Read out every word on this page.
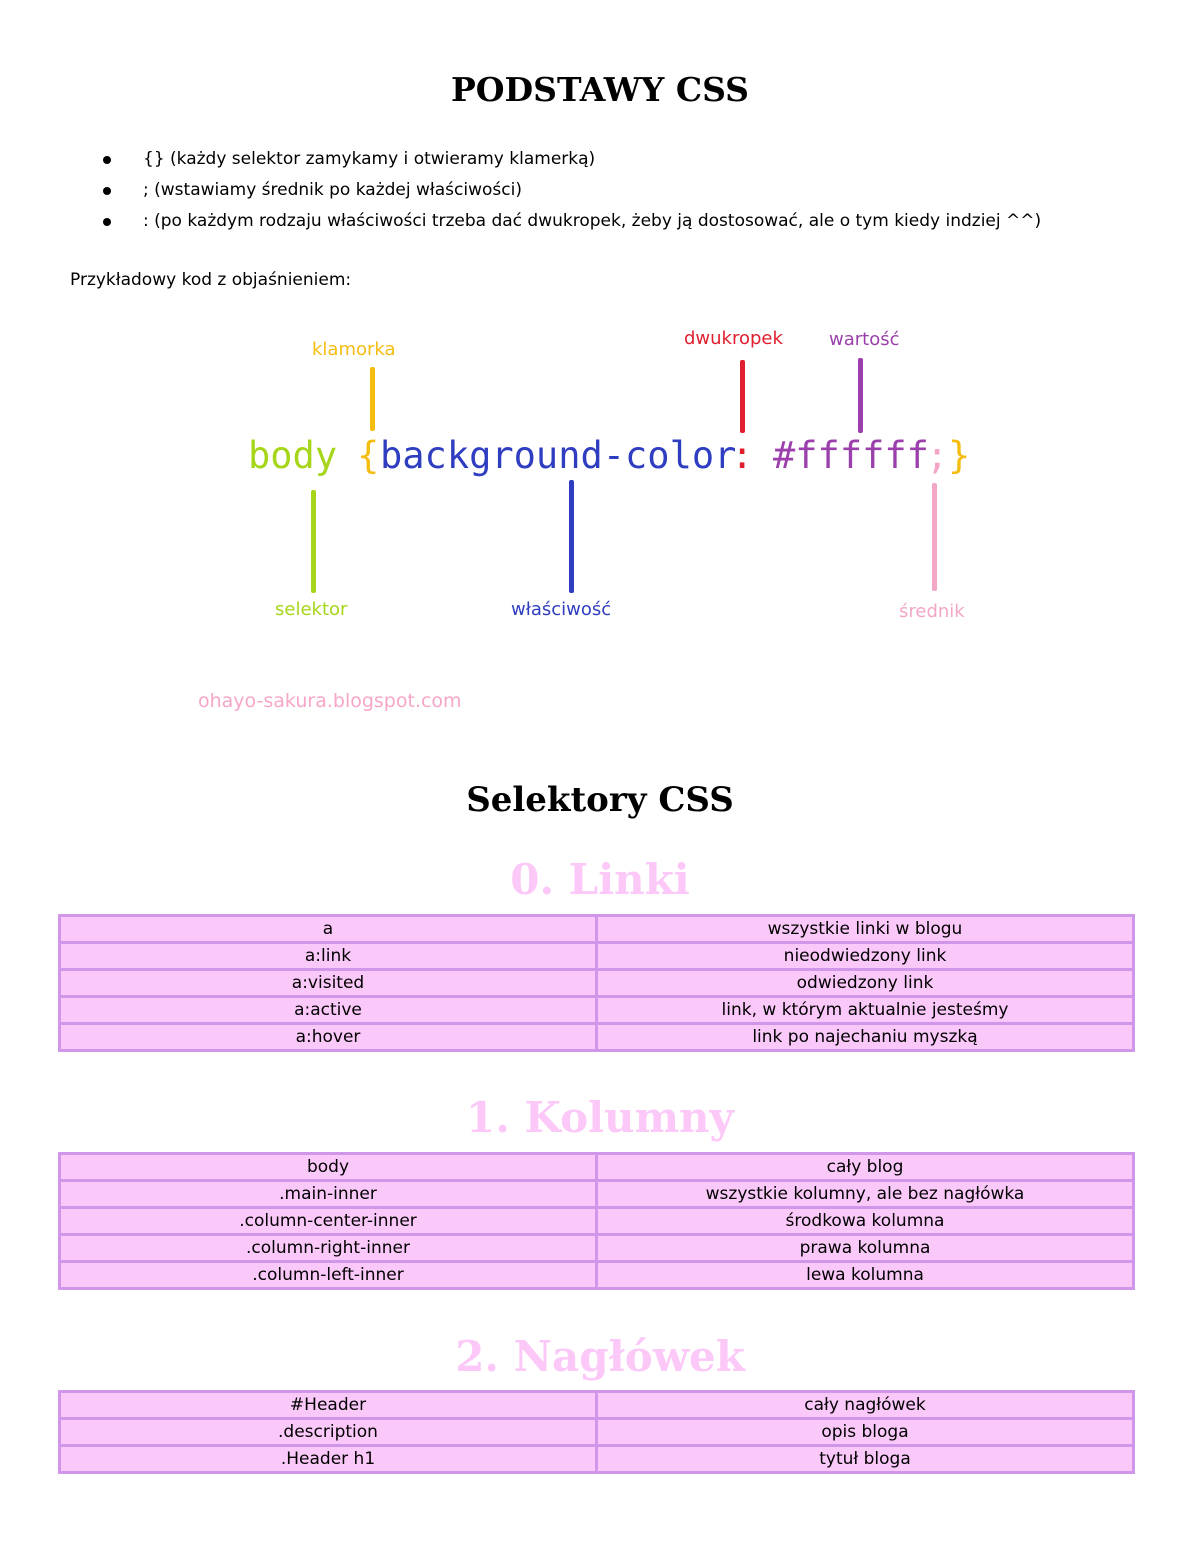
PODSTAWY CSS
{} (każdy selektor zamykamy i otwieramy klamerką)
; (wstawiamy średnik po każdej właściwości)
: (po każdym rodzaju właściwości trzeba dać dwukropek, żeby ją dostosować, ale o tym kiedy indziej ^^)
Przykładowy kod z objaśnieniem:
body { background-color
: #ffffff
; }
klamorka
dwukropek	wartość
selektor	właściwość	średnik
ohayo-sakura.blogspot.com
Selektory CSS
0. Linki
a	wszystkie linki w blogu
a:link	nieodwiedzony link
a:visited	odwiedzony link
a:active	link, w którym aktualnie jesteśmy
a:hover	link po najechaniu myszką
1. Kolumny
body	cały blog
.main-inner	wszystkie kolumny, ale bez nagłówka
.column-center-inner	środkowa kolumna
.column-right-inner	prawa kolumna
.column-left-inner	lewa kolumna
2. Nagłówek
#Header	cały nagłówek
.description	opis bloga
.Header h1	tytuł bloga
